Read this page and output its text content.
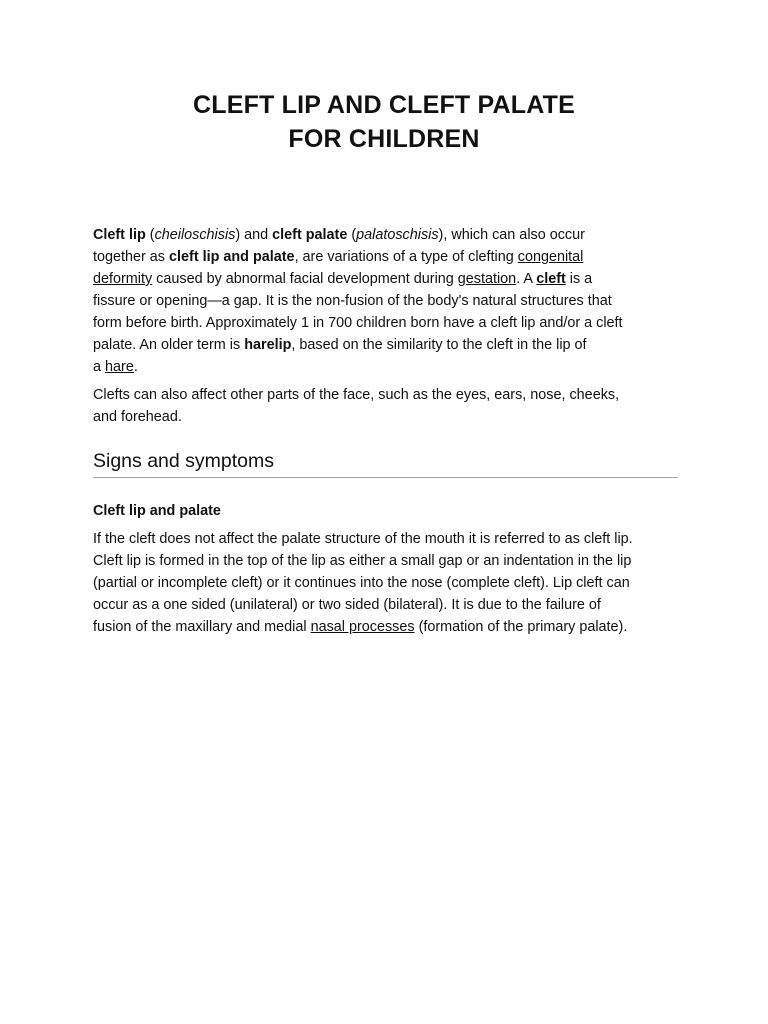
CLEFT LIP AND CLEFT PALATE
FOR CHILDREN

Cleft lip (cheiloschisis) and cleft palate (palatoschisis), which can also occur
together as cleft lip and palate, are variations of a type of clefting congenital
deformity caused by abnormal facial development during gestation. A cleft is a
fissure or opening—a gap. It is the non-fusion of the body's natural structures that
form before birth. Approximately 1 in 700 children born have a cleft lip and/or a cleft
palate. An older term is harelip, based on the similarity to the cleft in the lip of
a hare.

Clefts can also affect other parts of the face, such as the eyes, ears, nose, cheeks,
and forehead.

Signs and symptoms
Cleft lip and palate

If the cleft does not affect the palate structure of the mouth it is referred to as cleft lip.
Cleft lip is formed in the top of the lip as either a small gap or an indentation in the lip
(partial or incomplete cleft) or it continues into the nose (complete cleft). Lip cleft can
occur as a one sided (unilateral) or two sided (bilateral). It is due to the failure of
fusion of the maxillary and medial nasal processes (formation of the primary palate).
